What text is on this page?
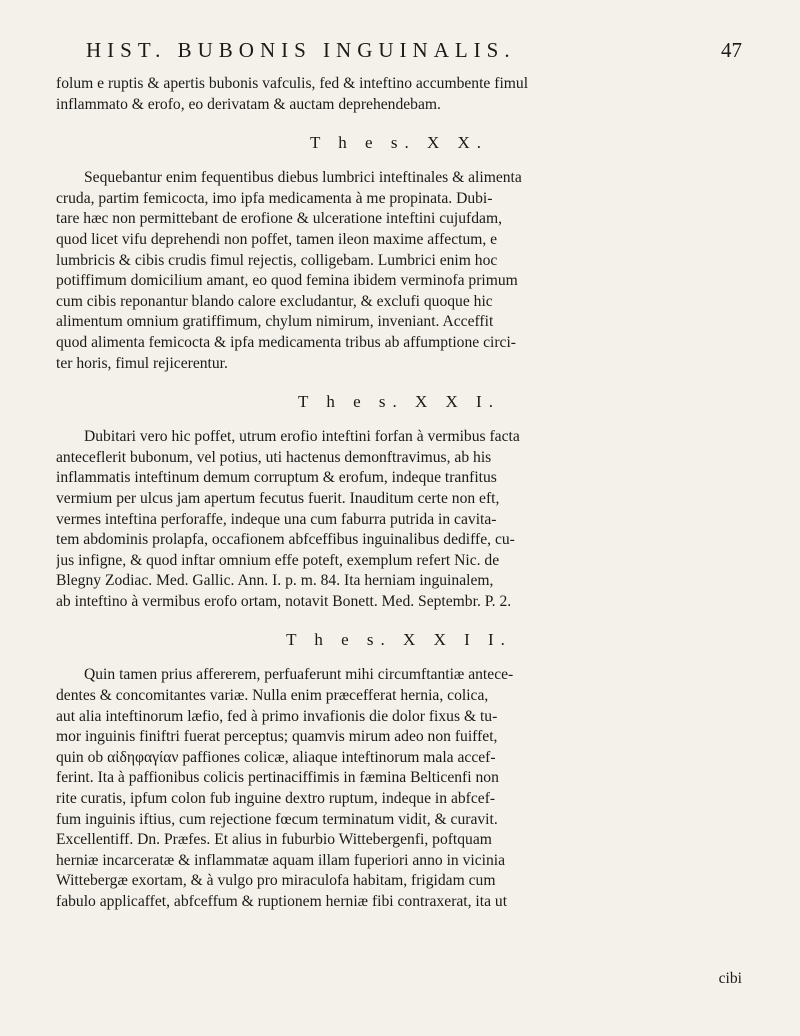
HIST. BUBONIS INGUINALIS.	47
folum e ruptis & apertis bubonis vafculis, fed & inteftino accumbente fimul
inflammato & erofo, eo derivatam & auctam deprehendebam.
T h e s. X X.
Sequebantur enim fequentibus diebus lumbrici inteftinales & alimenta
cruda, partim femicocta, imo ipfa medicamenta à me propinata. Dubi-
tare hæc non permittebant de erofione & ulceratione inteftini cujufdam,
quod licet vifu deprehendi non poffet, tamen ileon maxime affectum, e
lumbricis & cibis crudis fimul rejectis, colligebam. Lumbrici enim hoc
potiffimum domicilium amant, eo quod femina ibidem verminofa primum
cum cibis reponantur blando calore excludantur, & exclufi quoque hic
alimentum omnium gratiffimum, chylum nimirum, inveniant. Acceffit
quod alimenta femicocta & ipfa medicamenta tribus ab affumptione circi-
ter horis, fimul rejicerentur.
T h e s. X X I.
Dubitari vero hic poffet, utrum erofio inteftini forfan à vermibus facta
anteceflerit bubonum, vel potius, uti hactenus demonftravimus, ab his
inflammatis inteftinum demum corruptum & erofum, indeque tranfitus
vermium per ulcus jam apertum fecutus fuerit. Inauditum certe non eft,
vermes inteftina perforaffe, indeque una cum faburra putrida in cavita-
tem abdominis prolapfa, occafionem abfceffibus inguinalibus dediffe, cu-
jus infigne, & quod inftar omnium effe poteft, exemplum refert Nic. de
Blegny Zodiac. Med. Gallic. Ann. I. p. m. 84. Ita herniam inguinalem,
ab inteftino à vermibus erofo ortam, notavit Bonett. Med. Septembr. P. 2.
T h e s. X X I I.
Quin tamen prius affererem, perfuaferunt mihi circumftantiæ antece-
dentes & concomitantes variæ. Nulla enim præcefferat hernia, colica,
aut alia inteftinorum læfio, fed à primo invafionis die dolor fixus & tu-
mor inguinis finiftri fuerat perceptus; quamvis mirum adeo non fuiffet,
quin ob αἰδηφαγίαν paffiones colicæ, aliaque inteftinorum mala accef-
ferint. Ita à paffionibus colicis pertinaciffimis in fæmina Belticenfi non
rite curatis, ipfum colon fub inguine dextro ruptum, indeque in abfcef-
fum inguinis iftius, cum rejectione fœcum terminatum vidit, & curavit.
Excellentiff. Dn. Præfes. Et alius in fuburbio Wittebergenfi, poftquam
herniæ incarceratæ & inflammatæ aquam illam fuperiori anno in vicinia
Wittebergæ exortam, & à vulgo pro miraculofa habitam, frigidam cum
fabulo applicaffet, abfceffum & ruptionem herniæ fibi contraxerat, ita ut
cibi
